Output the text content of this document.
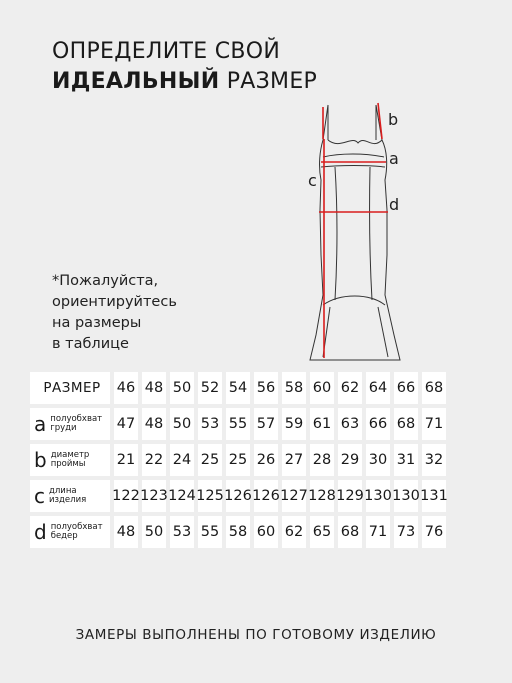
ОПРЕДЕЛИТЕ СВОЙ
ИДЕАЛЬНЫЙ РАЗМЕР
*Пожалуйста,
ориентируйтесь
на размеры
в таблице
b
a
c
d
РАЗМЕР	46 48 50 52 54 56 58 60 62 64 66 68
a полуобхват
груди	47 48 50 53 55 57 59 61 63 66 68 71
b диаметр
проймы 21 22 24 25 25 26 27 28 29 30 31 32
c длина
изделия 122 123 124 125 126 126 127 128 129 130 130 131
d полуобхват
бедер	48 50 53 55 58 60 62 65 68 71 73 76
ЗАМЕРЫ ВЫПОЛНЕНЫ ПО ГОТОВОМУ ИЗДЕЛИЮ
